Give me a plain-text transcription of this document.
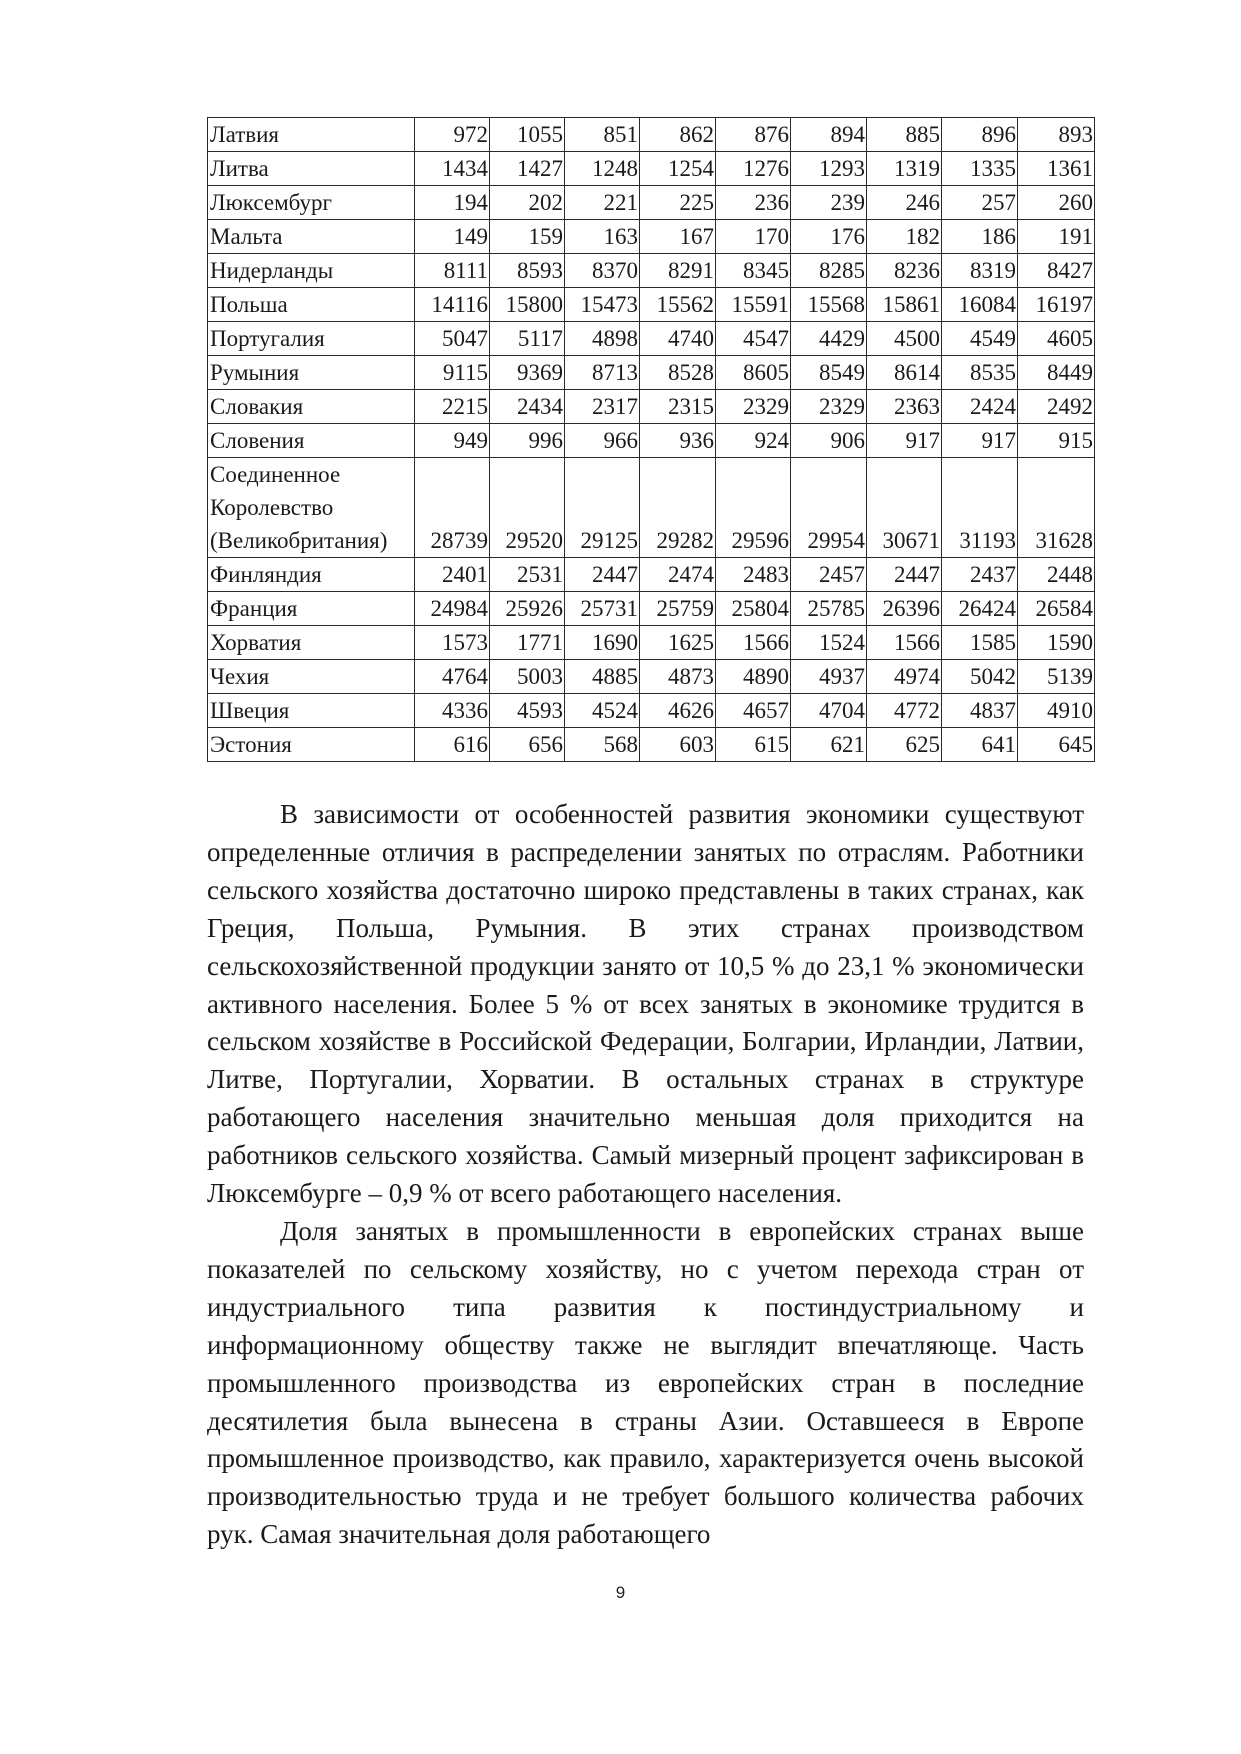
Латвия	972	1055	851	862	876	894	885	896	893
Литва	1434	1427	1248	1254	1276	1293	1319	1335	1361
Люксембург	194	202	221	225	236	239	246	257	260
Мальта	149	159	163	167	170	176	182	186	191
Нидерланды	8111	8593	8370	8291	8345	8285	8236	8319	8427
Польша	14116	15800	15473	15562	15591	15568	15861	16084	16197
Португалия	5047	5117	4898	4740	4547	4429	4500	4549	4605
Румыния	9115	9369	8713	8528	8605	8549	8614	8535	8449
Словакия	2215	2434	2317	2315	2329	2329	2363	2424	2492
Словения	949	996	966	936	924	906	917	917	915
Соединенное Королевство (Великобритания)	28739	29520	29125	29282	29596	29954	30671	31193	31628
Финляндия	2401	2531	2447	2474	2483	2457	2447	2437	2448
Франция	24984	25926	25731	25759	25804	25785	26396	26424	26584
Хорватия	1573	1771	1690	1625	1566	1524	1566	1585	1590
Чехия	4764	5003	4885	4873	4890	4937	4974	5042	5139
Швеция	4336	4593	4524	4626	4657	4704	4772	4837	4910
Эстония	616	656	568	603	615	621	625	641	645

В зависимости от особенностей развития экономики существуют определенные отличия в распределении занятых по отраслям. Работники сельского хозяйства достаточно широко представлены в таких странах, как Греция, Польша, Румыния. В этих странах производством сельскохозяйственной продукции занято от 10,5 % до 23,1 % экономически активного населения. Более 5 % от всех занятых в экономике трудится в сельском хозяйстве в Российской Федерации, Болгарии, Ирландии, Латвии, Литве, Португалии, Хорватии. В остальных странах в структуре работающего населения значительно меньшая доля приходится на работников сельского хозяйства. Самый мизерный процент зафиксирован в Люксембурге – 0,9 % от всего работающего населения.

Доля занятых в промышленности в европейских странах выше показателей по сельскому хозяйству, но с учетом перехода стран от индустриального типа развития к постиндустриальному и информационному обществу также не выглядит впечатляюще. Часть промышленного производства из европейских стран в последние десятилетия была вынесена в страны Азии. Оставшееся в Европе промышленное производство, как правило, характеризуется очень высокой производительностью труда и не требует большого количества рабочих рук. Самая значительная доля работающего

9
